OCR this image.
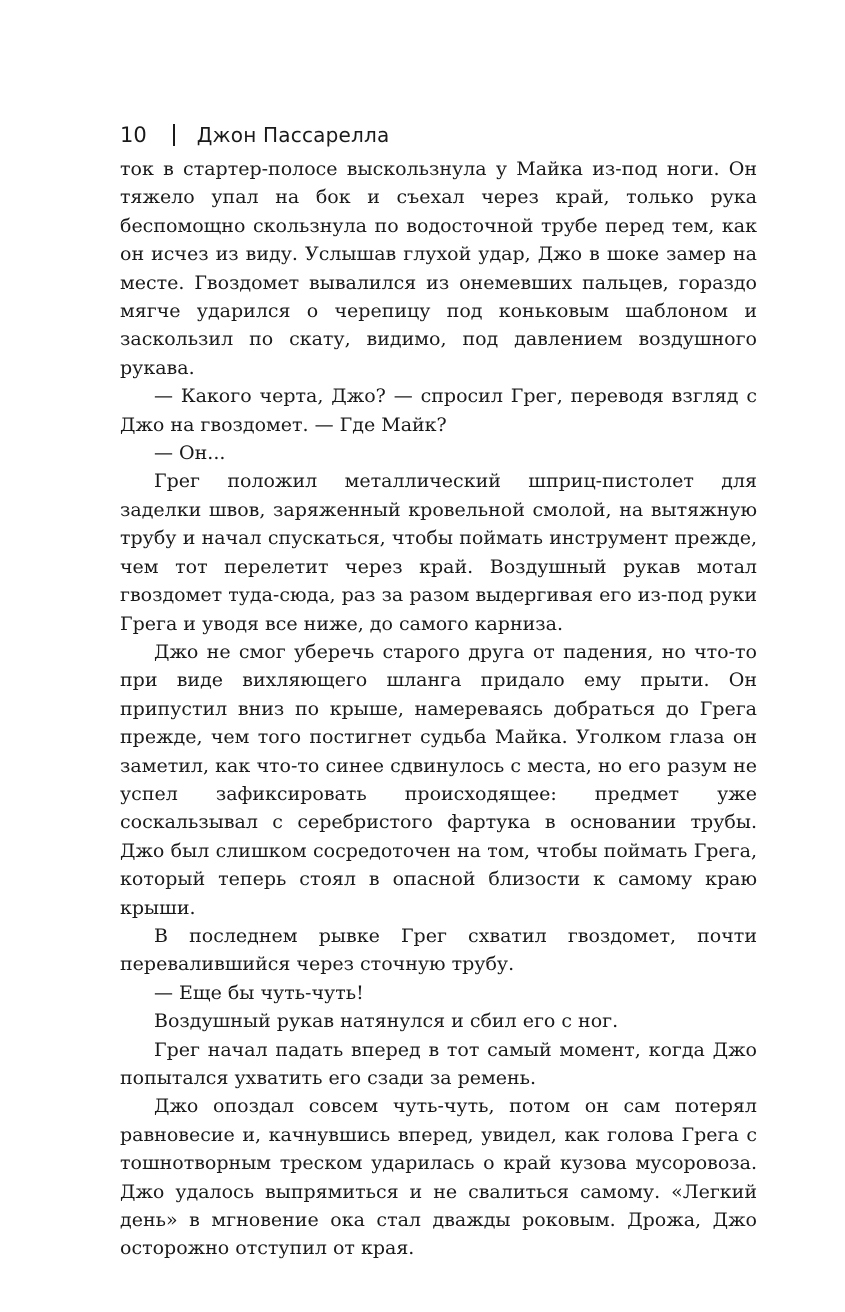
10	Джон Пассарелла

ток в стартер-полосе выскользнула у Майка из-под ноги. Он тяжело упал на бок и съехал через край, только рука беспомощно скользнула по водосточной трубе перед тем, как он исчез из виду. Услышав глухой удар, Джо в шоке замер на месте. Гвоздомет вывалился из онемевших пальцев, гораздо мягче ударился о черепицу под коньковым шаблоном и заскользил по скату, видимо, под давлением воздушного рукава.

— Какого черта, Джо? — спросил Грег, переводя взгляд с Джо на гвоздомет. — Где Майк?

— Он...

Грег положил металлический шприц-пистолет для заделки швов, заряженный кровельной смолой, на вытяжную трубу и начал спускаться, чтобы поймать инструмент прежде, чем тот перелетит через край. Воздушный рукав мотал гвоздомет туда-сюда, раз за разом выдергивая его из-под руки Грега и уводя все ниже, до самого карниза.

Джо не смог уберечь старого друга от падения, но что-то при виде вихляющего шланга придало ему прыти. Он припустил вниз по крыше, намереваясь добраться до Грега прежде, чем того постигнет судьба Майка. Уголком глаза он заметил, как что-то синее сдвинулось с места, но его разум не успел зафиксировать происходящее: предмет уже соскальзывал с серебристого фартука в основании трубы. Джо был слишком сосредоточен на том, чтобы поймать Грега, который теперь стоял в опасной близости к самому краю крыши.

В последнем рывке Грег схватил гвоздомет, почти перевалившийся через сточную трубу.

— Еще бы чуть-чуть!

Воздушный рукав натянулся и сбил его с ног.

Грег начал падать вперед в тот самый момент, когда Джо попытался ухватить его сзади за ремень.

Джо опоздал совсем чуть-чуть, потом он сам потерял равновесие и, качнувшись вперед, увидел, как голова Грега с тошнотворным треском ударилась о край кузова мусоровоза. Джо удалось выпрямиться и не свалиться самому. «Легкий день» в мгновение ока стал дважды роковым. Дрожа, Джо осторожно отступил от края.
